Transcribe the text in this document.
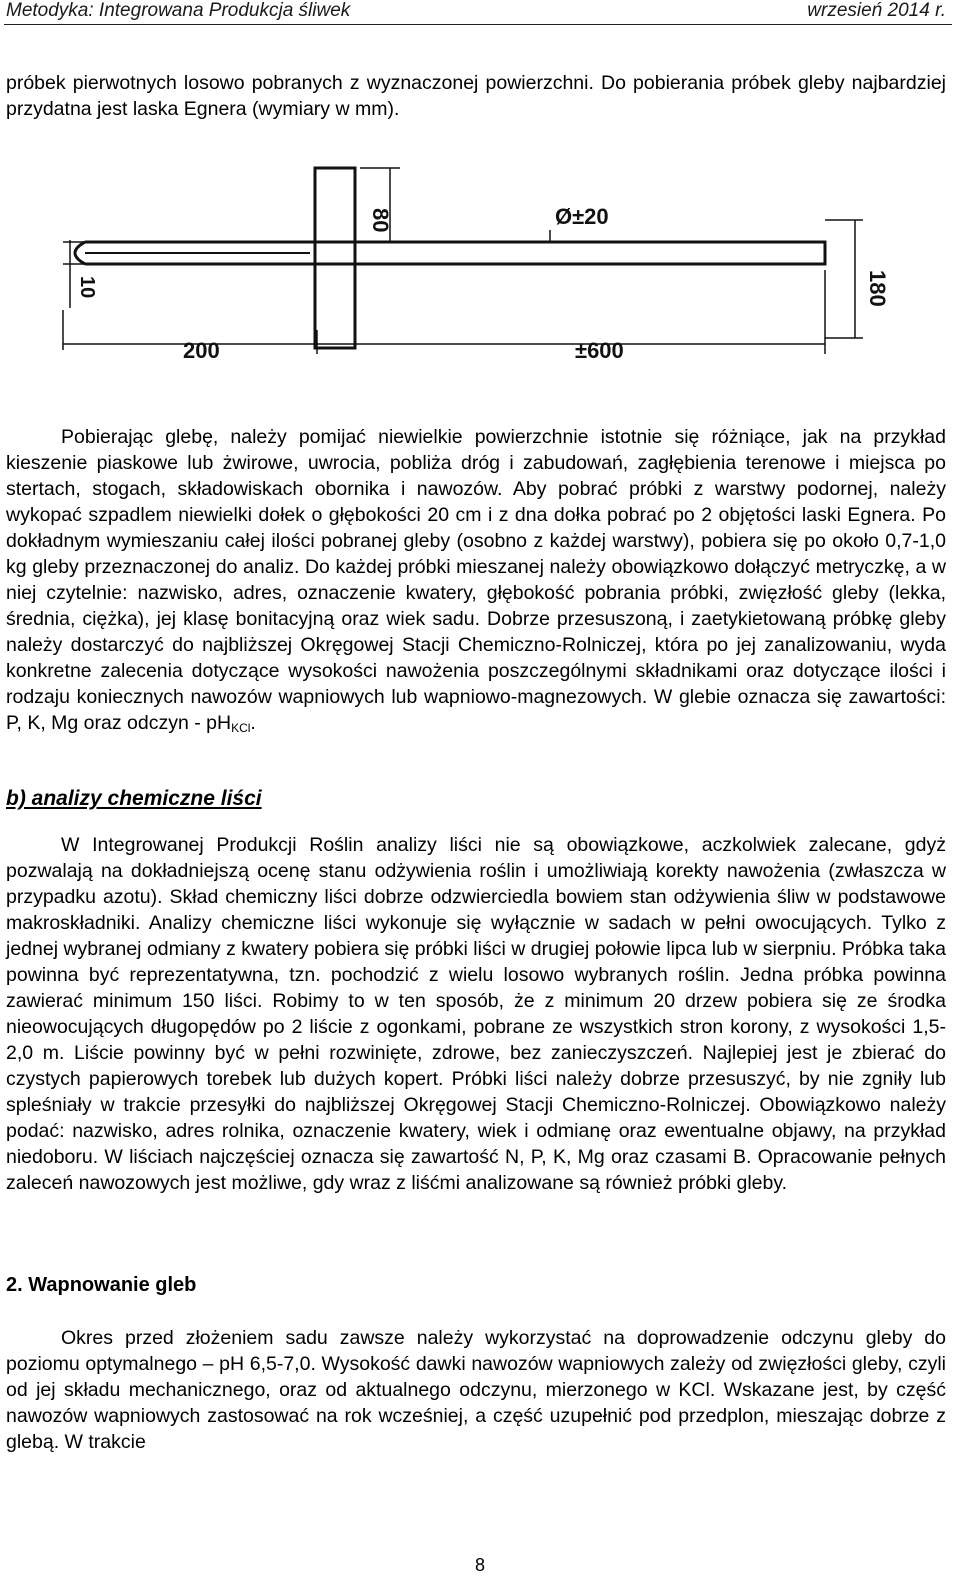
Metodyka: Integrowana Produkcja śliwek	wrzesień 2014 r.
próbek pierwotnych losowo pobranych z wyznaczonej powierzchni. Do pobierania próbek gleby najbardziej przydatna jest laska Egnera (wymiary w mm).
80	Ø±20
180
10
200	±600
Pobierając glebę, należy pomijać niewielkie powierzchnie istotnie się różniące, jak na przykład kieszenie piaskowe lub żwirowe, uwrocia, pobliża dróg i zabudowań, zagłębienia terenowe i miejsca po stertach, stogach, składowiskach obornika i nawozów. Aby pobrać próbki z warstwy podornej, należy wykopać szpadlem niewielki dołek o głębokości 20 cm i z dna dołka pobrać po 2 objętości laski Egnera. Po dokładnym wymieszaniu całej ilości pobranej gleby (osobno z każdej warstwy), pobiera się po około 0,7-1,0 kg gleby przeznaczonej do analiz. Do każdej próbki mieszanej należy obowiązkowo dołączyć metryczkę, a w niej czytelnie: nazwisko, adres, oznaczenie kwatery, głębokość pobrania próbki, zwięzłość gleby (lekka, średnia, ciężka), jej klasę bonitacyjną oraz wiek sadu. Dobrze przesuszoną, i zaetykietowaną próbkę gleby należy dostarczyć do najbliższej Okręgowej Stacji Chemiczno-Rolniczej, która po jej zanalizowaniu, wyda konkretne zalecenia dotyczące wysokości nawożenia poszczególnymi składnikami oraz dotyczące ilości i rodzaju koniecznych nawozów wapniowych lub wapniowo-magnezowych. W glebie oznacza się zawartości: P, K, Mg oraz odczyn - $pH_{KCl}$.
b) analizy chemiczne liści
W Integrowanej Produkcji Roślin analizy liści nie są obowiązkowe, aczkolwiek zalecane, gdyż pozwalają na dokładniejszą ocenę stanu odżywienia roślin i umożliwiają korekty nawożenia (zwłaszcza w przypadku azotu). Skład chemiczny liści dobrze odzwierciedla bowiem stan odżywienia śliw w podstawowe makroskładniki. Analizy chemiczne liści wykonuje się wyłącznie w sadach w pełni owocujących. Tylko z jednej wybranej odmiany z kwatery pobiera się próbki liści w drugiej połowie lipca lub w sierpniu. Próbka taka powinna być reprezentatywna, tzn. pochodzić z wielu losowo wybranych roślin. Jedna próbka powinna zawierać minimum 150 liści. Robimy to w ten sposób, że z minimum 20 drzew pobiera się ze środka nieowocujących długopędów po 2 liście z ogonkami, pobrane ze wszystkich stron korony, z wysokości 1,5-2,0 m. Liście powinny być w pełni rozwinięte, zdrowe, bez zanieczyszczeń. Najlepiej jest je zbierać do czystych papierowych torebek lub dużych kopert. Próbki liści należy dobrze przesuszyć, by nie zgniły lub spleśniały w trakcie przesyłki do najbliższej Okręgowej Stacji Chemiczno-Rolniczej. Obowiązkowo należy podać: nazwisko, adres rolnika, oznaczenie kwatery, wiek i odmianę oraz ewentualne objawy, na przykład niedoboru. W liściach najczęściej oznacza się zawartość N, P, K, Mg oraz czasami B. Opracowanie pełnych zaleceń nawozowych jest możliwe, gdy wraz z liśćmi analizowane są również próbki gleby.
2. Wapnowanie gleb
Okres przed złożeniem sadu zawsze należy wykorzystać na doprowadzenie odczynu gleby do poziomu optymalnego – pH 6,5-7,0. Wysokość dawki nawozów wapniowych zależy od zwięzłości gleby, czyli od jej składu mechanicznego, oraz od aktualnego odczynu, mierzonego w KCl. Wskazane jest, by część nawozów wapniowych zastosować na rok wcześniej, a część uzupełnić pod przedplon, mieszając dobrze z glebą. W trakcie
8
